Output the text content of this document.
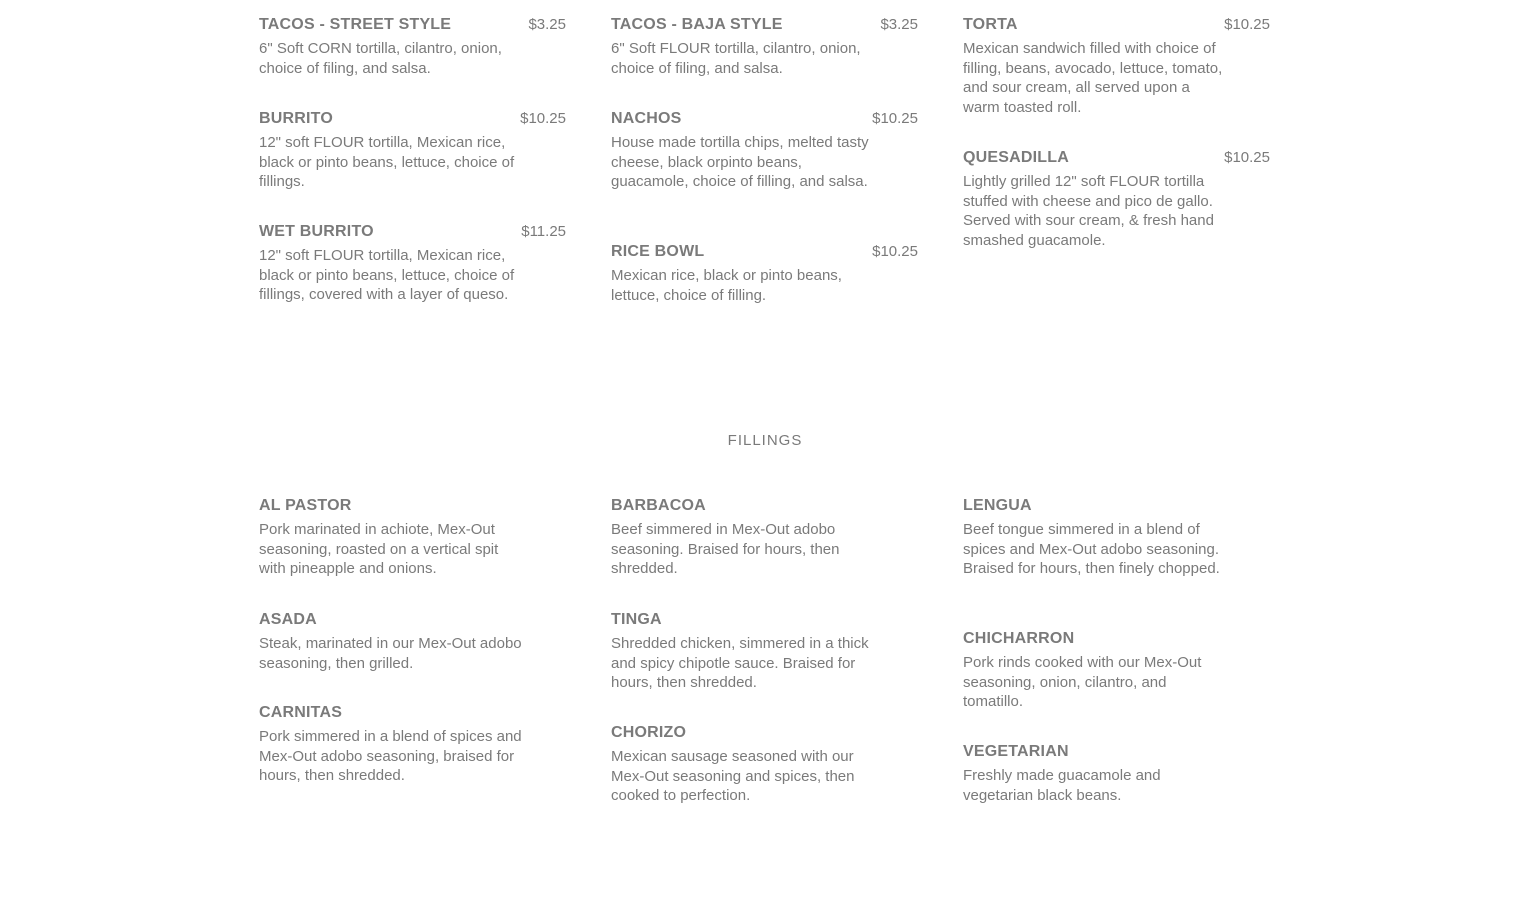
TACOS - STREET STYLE	$3.25
6" Soft CORN tortilla, cilantro, onion, choice of filing, and salsa.
BURRITO	$10.25
12" soft FLOUR tortilla, Mexican rice, black or pinto beans, lettuce, choice of fillings.
WET BURRITO	$11.25
12" soft FLOUR tortilla, Mexican rice, black or pinto beans, lettuce, choice of fillings, covered with a layer of queso.
TACOS - BAJA STYLE	$3.25
6" Soft FLOUR tortilla, cilantro, onion, choice of filing, and salsa.
NACHOS	$10.25
House made tortilla chips, melted tasty cheese, black orpinto beans, guacamole, choice of filling, and salsa.
RICE BOWL	$10.25
Mexican rice, black or pinto beans, lettuce, choice of filling.
TORTA	$10.25
Mexican sandwich filled with choice of filling, beans, avocado, lettuce, tomato, and sour cream, all served upon a warm toasted roll.
QUESADILLA	$10.25
Lightly grilled 12" soft FLOUR tortilla stuffed with cheese and pico de gallo. Served with sour cream, & fresh hand smashed guacamole.
FILLINGS
AL PASTOR
Pork marinated in achiote, Mex-Out seasoning, roasted on a vertical spit with pineapple and onions.
ASADA
Steak, marinated in our Mex-Out adobo seasoning, then grilled.
CARNITAS
Pork simmered in a blend of spices and Mex-Out adobo seasoning, braised for hours, then shredded.
BARBACOA
Beef simmered in Mex-Out adobo seasoning. Braised for hours, then shredded.
TINGA
Shredded chicken, simmered in a thick and spicy chipotle sauce. Braised for hours, then shredded.
CHORIZO
Mexican sausage seasoned with our Mex-Out seasoning and spices, then cooked to perfection.
LENGUA
Beef tongue simmered in a blend of spices and Mex-Out adobo seasoning. Braised for hours, then finely chopped.
CHICHARRON
Pork rinds cooked with our Mex-Out seasoning, onion, cilantro, and tomatillo.
VEGETARIAN
Freshly made guacamole and vegetarian black beans.
